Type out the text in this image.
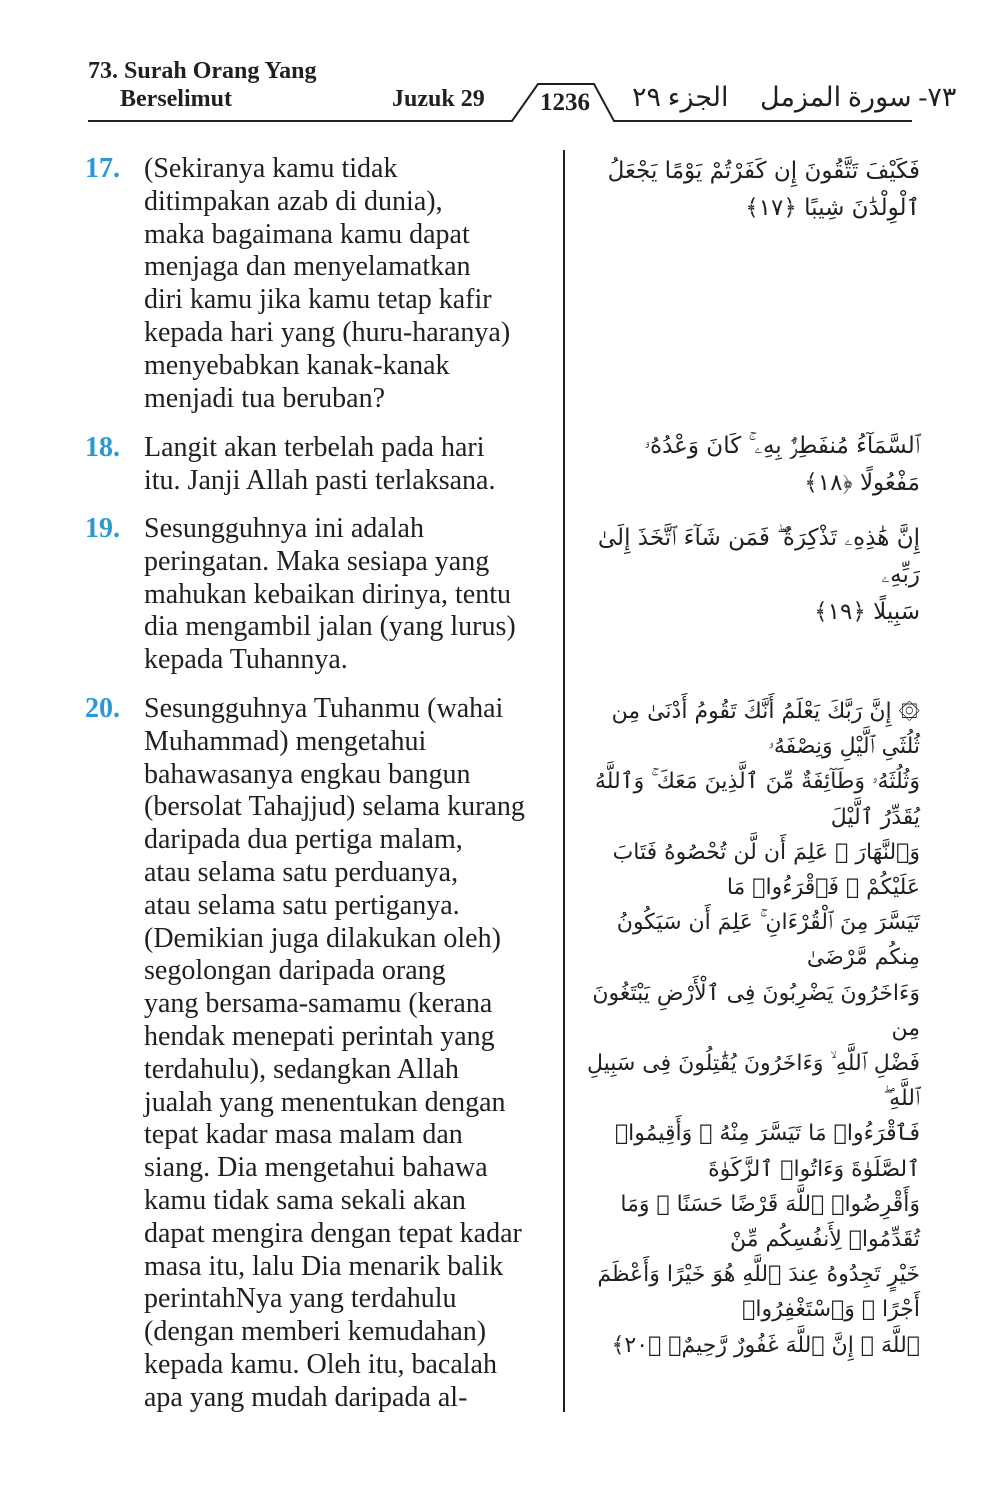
73. Surah Orang Yang
Berselimut	Juzuk 29 1236 الجزء ٢٩ ٧٣- سورة المزمل
17. (Sekiranya kamu tidak
ditimpakan azab di dunia),
maka bagaimana kamu dapat
menjaga dan menyelamatkan
diri kamu jika kamu tetap kafir
kepada hari yang (huru-haranya)
menyebabkan kanak-kanak
menjadi tua beruban?

فَكَيْفَ تَتَّقُونَ إِن كَفَرْتُمْ يَوْمًا يَجْعَلُ
ٱلْوِلْدَٰنَ شِيبًا ﴿١٧﴾

18. Langit akan terbelah pada hari
itu. Janji Allah pasti terlaksana.

ٱلسَّمَآءُ مُنفَطِرٌۢ بِهِۦ ۚ كَانَ وَعْدُهُۥ مَفْعُولًا ﴿١٨﴾

19. Sesungguhnya ini adalah
peringatan. Maka sesiapa yang
mahukan kebaikan dirinya, tentu
dia mengambil jalan (yang lurus)
kepada Tuhannya.

إِنَّ هَٰذِهِۦ تَذْكِرَةٌ ۖ فَمَن شَآءَ ٱتَّخَذَ إِلَىٰ رَبِّهِۦ
سَبِيلًا ﴿١٩﴾

20. Sesungguhnya Tuhanmu (wahai
Muhammad) mengetahui
bahawasanya engkau bangun
(bersolat Tahajjud) selama kurang
daripada dua pertiga malam,
atau selama satu perduanya,
atau selama satu pertiganya.
(Demikian juga dilakukan oleh)
segolongan daripada orang
yang bersama-samamu (kerana
hendak menepati perintah yang
terdahulu), sedangkan Allah
jualah yang menentukan dengan
tepat kadar masa malam dan
siang. Dia mengetahui bahawa
kamu tidak sama sekali akan
dapat mengira dengan tepat kadar
masa itu, lalu Dia menarik balik
perintahNya yang terdahulu
(dengan memberi kemudahan)
kepada kamu. Oleh itu, bacalah
apa yang mudah daripada al-

۞ إِنَّ رَبَّكَ يَعْلَمُ أَنَّكَ تَقُومُ أَدْنَىٰ مِن ثُلُثَىِ ٱلَّيْلِ وَنِصْفَهُۥ
وَثُلُثَهُۥ وَطَآئِفَةٌ مِّنَ ٱلَّذِينَ مَعَكَ ۚ وَٱللَّهُ يُقَدِّرُ ٱلَّيْلَ
وَٱلنَّهَارَ ۚ عَلِمَ أَن لَّن تُحْصُوهُ فَتَابَ عَلَيْكُمْ ۖ فَٱقْرَءُوا۟ مَا
تَيَسَّرَ مِنَ ٱلْقُرْءَانِ ۚ عَلِمَ أَن سَيَكُونُ مِنكُم مَّرْضَىٰ
وَءَاخَرُونَ يَضْرِبُونَ فِى ٱلْأَرْضِ يَبْتَغُونَ مِن
فَضْلِ ٱللَّهِ ۙ وَءَاخَرُونَ يُقَٰتِلُونَ فِى سَبِيلِ ٱللَّهِ ۖ
فَٱقْرَءُوا۟ مَا تَيَسَّرَ مِنْهُ ۚ وَأَقِيمُوا۟ ٱلصَّلَوٰةَ وَءَاتُوا۟ ٱلزَّكَوٰةَ
وَأَقْرِضُوا۟ ٱللَّهَ قَرْضًا حَسَنًا ۚ وَمَا تُقَدِّمُوا۟ لِأَنفُسِكُم مِّنْ
خَيْرٍ تَجِدُوهُ عِندَ ٱللَّهِ هُوَ خَيْرًا وَأَعْظَمَ أَجْرًا ۚ وَٱسْتَغْفِرُوا۟
ٱللَّهَ ۖ إِنَّ ٱللَّهَ غَفُورٌ رَّحِيمٌۢ ﴿٢٠﴾
